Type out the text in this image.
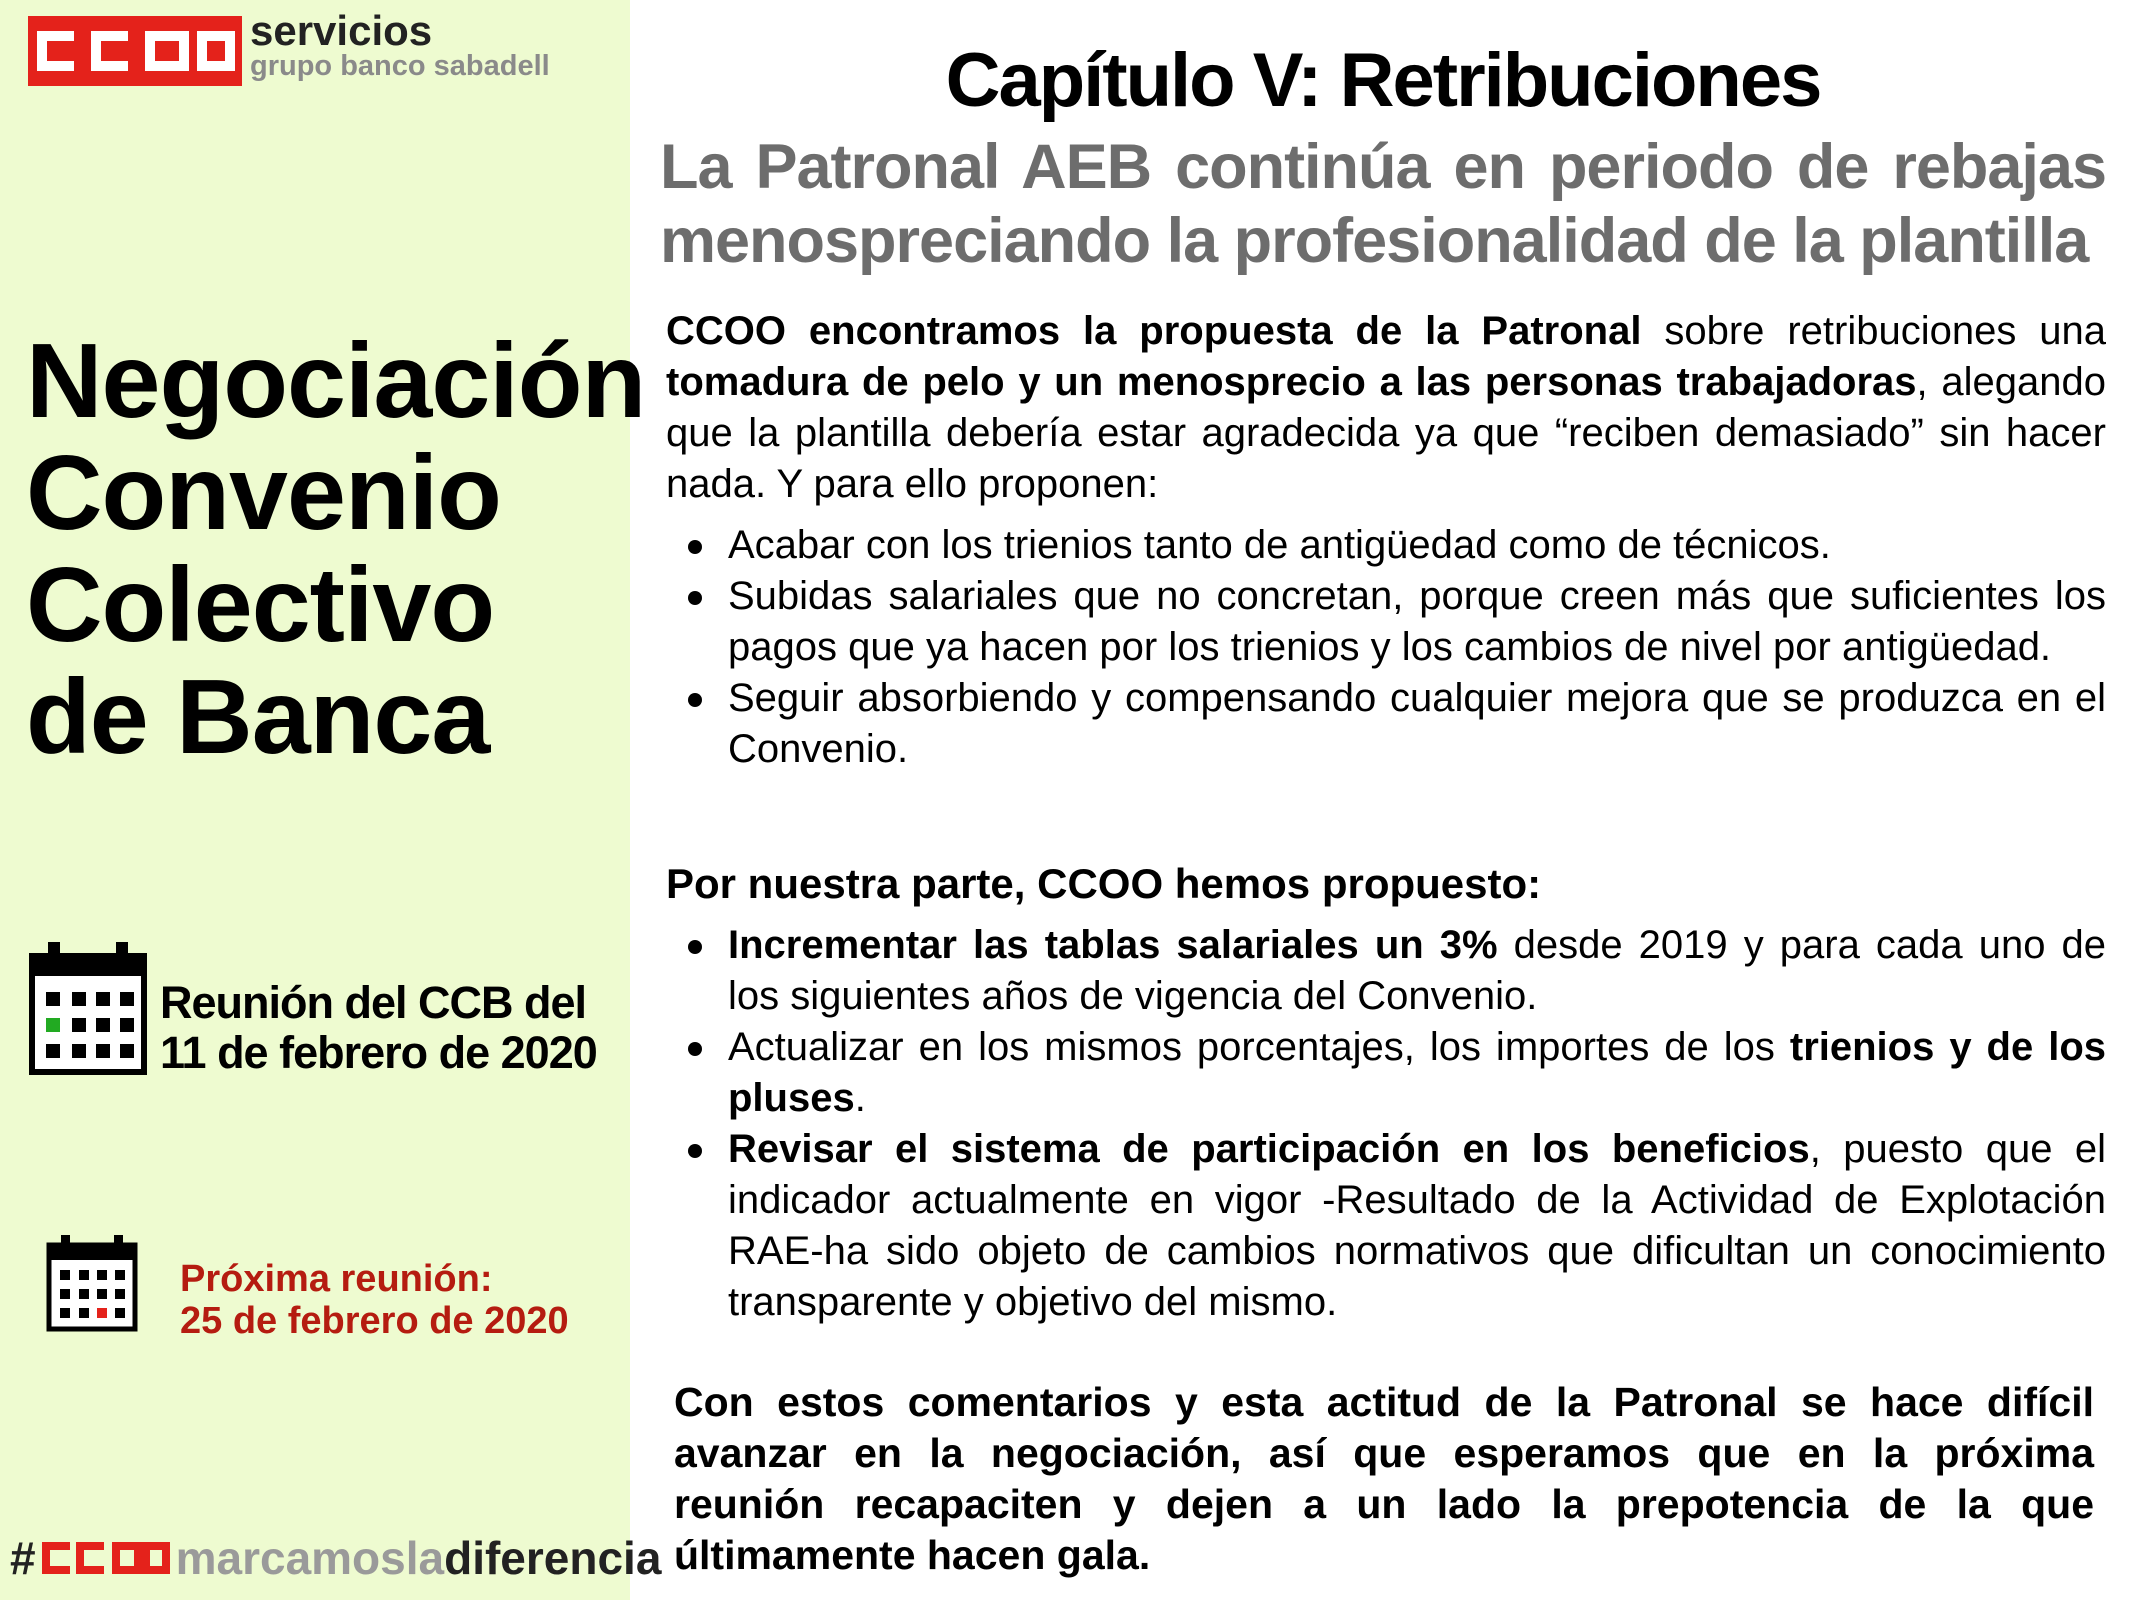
servicios
grupo banco sabadell
Negociación
Convenio
Colectivo
de Banca
Reunión del CCB del
11 de febrero de 2020
Próxima reunión:
25 de febrero de 2020
#	marcamos la diferencia
Capítulo V: Retribuciones
La Patronal AEB continúa en periodo de rebajas
menospreciando la profesionalidad de la plantilla
CCOO encontramos la propuesta de la Patronal sobre retribuciones una tomadura de pelo y un menosprecio a las personas trabajadoras, alegando que la plantilla debería estar agradecida ya que “reciben demasiado” sin hacer nada. Y para ello proponen:
Acabar con los trienios tanto de antigüedad como de técnicos.
Subidas salariales que no concretan, porque creen más que suficientes los pagos que ya hacen por los trienios y los cambios de nivel por antigüedad.
Seguir absorbiendo y compensando cualquier mejora que se produzca en el Convenio.
Por nuestra parte, CCOO hemos propuesto:
Incrementar las tablas salariales un 3% desde 2019 y para cada uno de los siguientes años de vigencia del Convenio.
Actualizar en los mismos porcentajes, los importes de los trienios y de los pluses.
Revisar el sistema de participación en los beneficios, puesto que el indicador actualmente en vigor -Resultado de la Actividad de Explotación RAE-ha sido objeto de cambios normativos que dificultan un conocimiento transparente y objetivo del mismo.
Con estos comentarios y esta actitud de la Patronal se hace difícil avanzar en la negociación, así que esperamos que en la próxima reunión recapaciten y dejen a un lado la prepotencia de la que últimamente hacen gala.
